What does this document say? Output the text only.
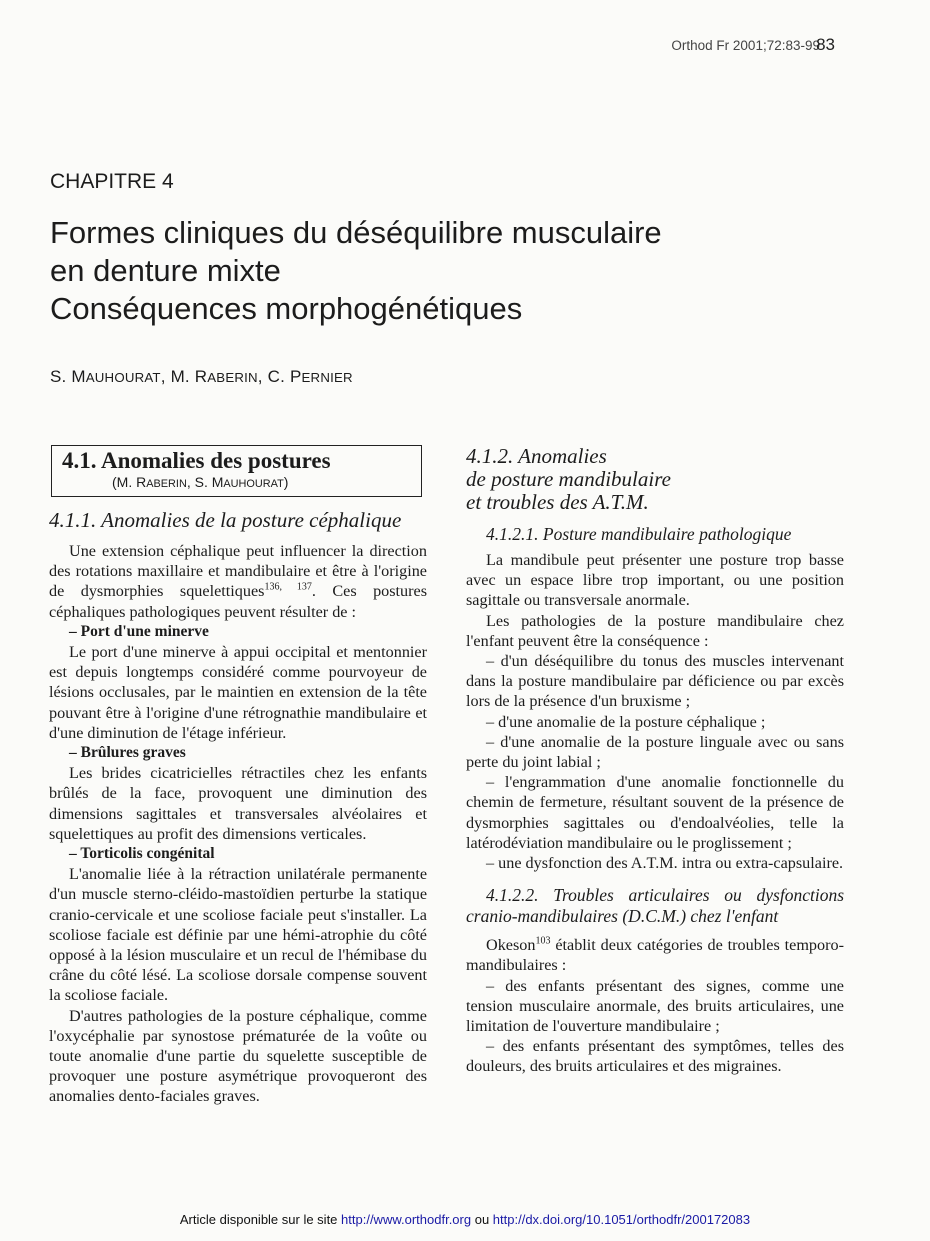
Orthod Fr 2001;72:83-99
83
CHAPITRE 4
Formes cliniques du déséquilibre musculaire
en denture mixte
Conséquences morphogénétiques
S. MAUHOURAT, M. RABERIN, C. PERNIER
4.1. Anomalies des postures
(M. RABERIN, S. MAUHOURAT)
4.1.1. Anomalies de la posture céphalique

Une extension céphalique peut influencer la direction des rotations maxillaire et mandibulaire et être à l'origine de dysmorphies squelettiques$^{136, 137}$. Ces postures céphaliques pathologiques peuvent résulter de :

– Port d'une minerve

Le port d'une minerve à appui occipital et mentonnier est depuis longtemps considéré comme pourvoyeur de lésions occlusales, par le maintien en extension de la tête pouvant être à l'origine d'une rétrognathie mandibulaire et d'une diminution de l'étage inférieur.

– Brûlures graves

Les brides cicatricielles rétractiles chez les enfants brûlés de la face, provoquent une diminution des dimensions sagittales et transversales alvéolaires et squelettiques au profit des dimensions verticales.

– Torticolis congénital

L'anomalie liée à la rétraction unilatérale permanente d'un muscle sterno-cléido-mastoïdien perturbe la statique cranio-cervicale et une scoliose faciale peut s'installer. La scoliose faciale est définie par une hémi-atrophie du côté opposé à la lésion musculaire et un recul de l'hémibase du crâne du côté lésé. La scoliose dorsale compense souvent la scoliose faciale.

D'autres pathologies de la posture céphalique, comme l'oxycéphalie par synostose prématurée de la voûte ou toute anomalie d'une partie du squelette susceptible de provoquer une posture asymétrique provoqueront des anomalies dento-faciales graves.

4.1.2. Anomalies
de posture mandibulaire
et troubles des A.T.M.
4.1.2.1. Posture mandibulaire pathologique

La mandibule peut présenter une posture trop basse avec un espace libre trop important, ou une position sagittale ou transversale anormale.

Les pathologies de la posture mandibulaire chez l'enfant peuvent être la conséquence :

– d'un déséquilibre du tonus des muscles intervenant dans la posture mandibulaire par déficience ou par excès lors de la présence d'un bruxisme ;

– d'une anomalie de la posture céphalique ;

– d'une anomalie de la posture linguale avec ou sans perte du joint labial ;

– l'engrammation d'une anomalie fonctionnelle du chemin de fermeture, résultant souvent de la présence de dysmorphies sagittales ou d'endoalvéolies, telle la latérodéviation mandibulaire ou le proglissement ;

– une dysfonction des A.T.M. intra ou extra-capsulaire.

4.1.2.2. Troubles articulaires ou dysfonctions cranio-mandibulaires (D.C.M.) chez l'enfant

Okeson$^{103}$ établit deux catégories de troubles temporo-mandibulaires :

– des enfants présentant des signes, comme une tension musculaire anormale, des bruits articulaires, une limitation de l'ouverture mandibulaire ;

– des enfants présentant des symptômes, telles des douleurs, des bruits articulaires et des migraines.

Article disponible sur le site http://www.orthodfr.org ou http://dx.doi.org/10.1051/orthodfr/200172083
